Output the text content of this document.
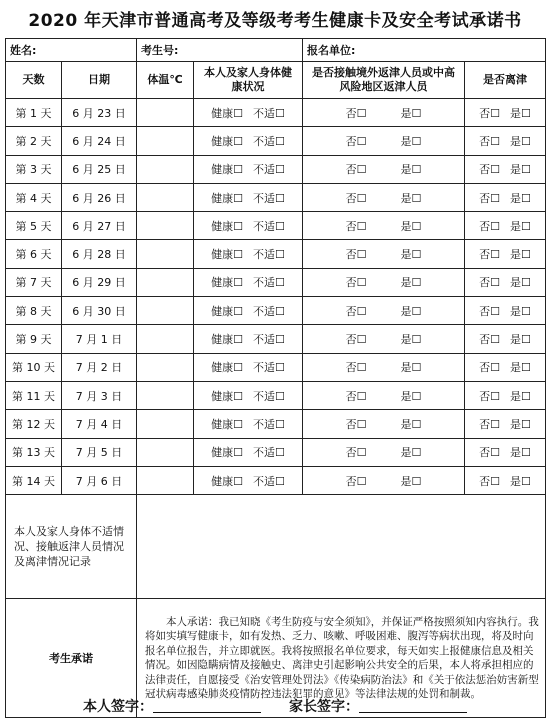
2020 年天津市普通高考及等级考考生健康卡及安全考试承诺书
姓名:		考生号:		报名单位:	
天数	日期	体温℃	本人及家人身体健康状况	是否接触境外返津人员或中高风险地区返津人员	是否离津
第 1 天	6 月 23 日		健康☐ 不适☐	否☐ 是☐	否☐ 是☐
第 2 天	6 月 24 日		健康☐ 不适☐	否☐ 是☐	否☐ 是☐
第 3 天	6 月 25 日		健康☐ 不适☐	否☐ 是☐	否☐ 是☐
第 4 天	6 月 26 日		健康☐ 不适☐	否☐ 是☐	否☐ 是☐
第 5 天	6 月 27 日		健康☐ 不适☐	否☐ 是☐	否☐ 是☐
第 6 天	6 月 28 日		健康☐ 不适☐	否☐ 是☐	否☐ 是☐
第 7 天	6 月 29 日		健康☐ 不适☐	否☐ 是☐	否☐ 是☐
第 8 天	6 月 30 日		健康☐ 不适☐	否☐ 是☐	否☐ 是☐
第 9 天	7 月 1 日		健康☐ 不适☐	否☐ 是☐	否☐ 是☐
第 10 天	7 月 2 日		健康☐ 不适☐	否☐ 是☐	否☐ 是☐
第 11 天	7 月 3 日		健康☐ 不适☐	否☐ 是☐	否☐ 是☐
第 12 天	7 月 4 日		健康☐ 不适☐	否☐ 是☐	否☐ 是☐
第 13 天	7 月 5 日		健康☐ 不适☐	否☐ 是☐	否☐ 是☐
第 14 天	7 月 6 日		健康☐ 不适☐	否☐ 是☐	否☐ 是☐

本人及家人身体不适情况、接触返津人员情况及离津情况记录					

考生承诺		本人承诺：我已知晓《考生防疫与安全须知》，并保证严格按照须知内容执行。我将如实填写健康卡，如有发热、乏力、咳嗽、呼吸困难、腹泻等病状出现，将及时向报名单位报告，并立即就医。我将按照报名单位要求，每天如实上报健康信息及相关情况。如因隐瞒病情及接触史、离津史引起影响公共安全的后果，本人将承担相应的法律责任，自愿接受《治安管理处罚法》《传染病防治法》和《关于依法惩治妨害新型冠状病毒感染肺炎疫情防控违法犯罪的意见》等法律法规的处罚和制裁。			
本人签字：	家长签字：
